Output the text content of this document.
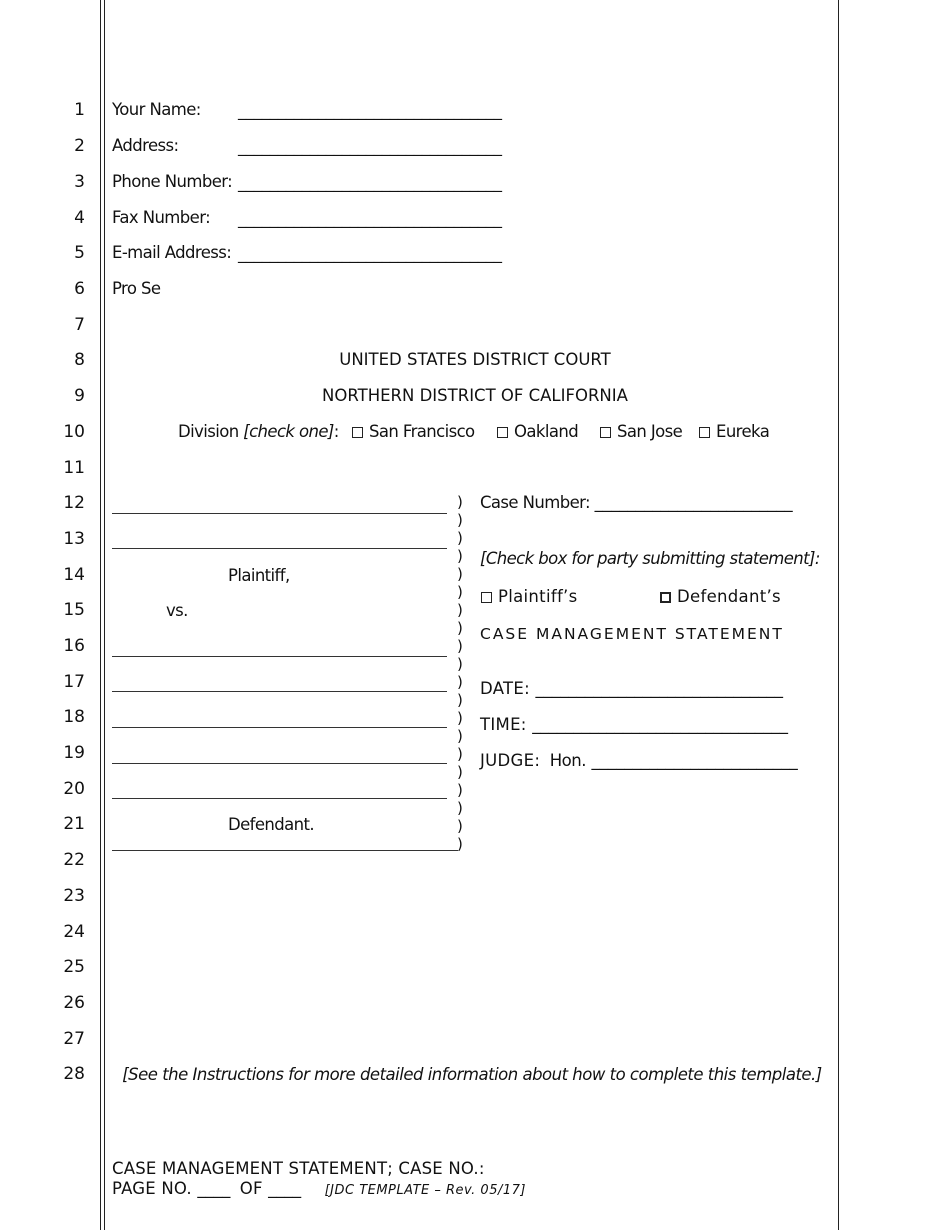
1
2
3
4
5
6
7
8
9
10
11
12
13
14
15
16
17
18
19
20
21
22
23
24
25
26
27
28
Your Name: _________________________________
Address:	_________________________________
Phone Number: _________________________________
Fax Number: _________________________________
E-mail Address: _________________________________
Pro Se
UNITED STATES DISTRICT COURT
NORTHERN DISTRICT OF CALIFORNIA
Division [check one]:	San Francisco	Oakland	San Jose	Eureka
Plaintiff,
vs.
Defendant.
)
)
)
)
)
)
)
)
)
)
)
)
)
)
)
)
)
)
)
)
Case Number: ________________________
[Check box for party submitting statement]:
Plaintiff’s	Defendant’s
CASE MANAGEMENT STATEMENT
DATE: ______________________________
TIME: _______________________________
JUDGE: Hon. _________________________
[See the Instructions for more detailed information about how to complete this template.]
CASE MANAGEMENT STATEMENT; CASE NO.:
PAGE NO. ____ OF ____ [JDC TEMPLATE – Rev. 05/17]
